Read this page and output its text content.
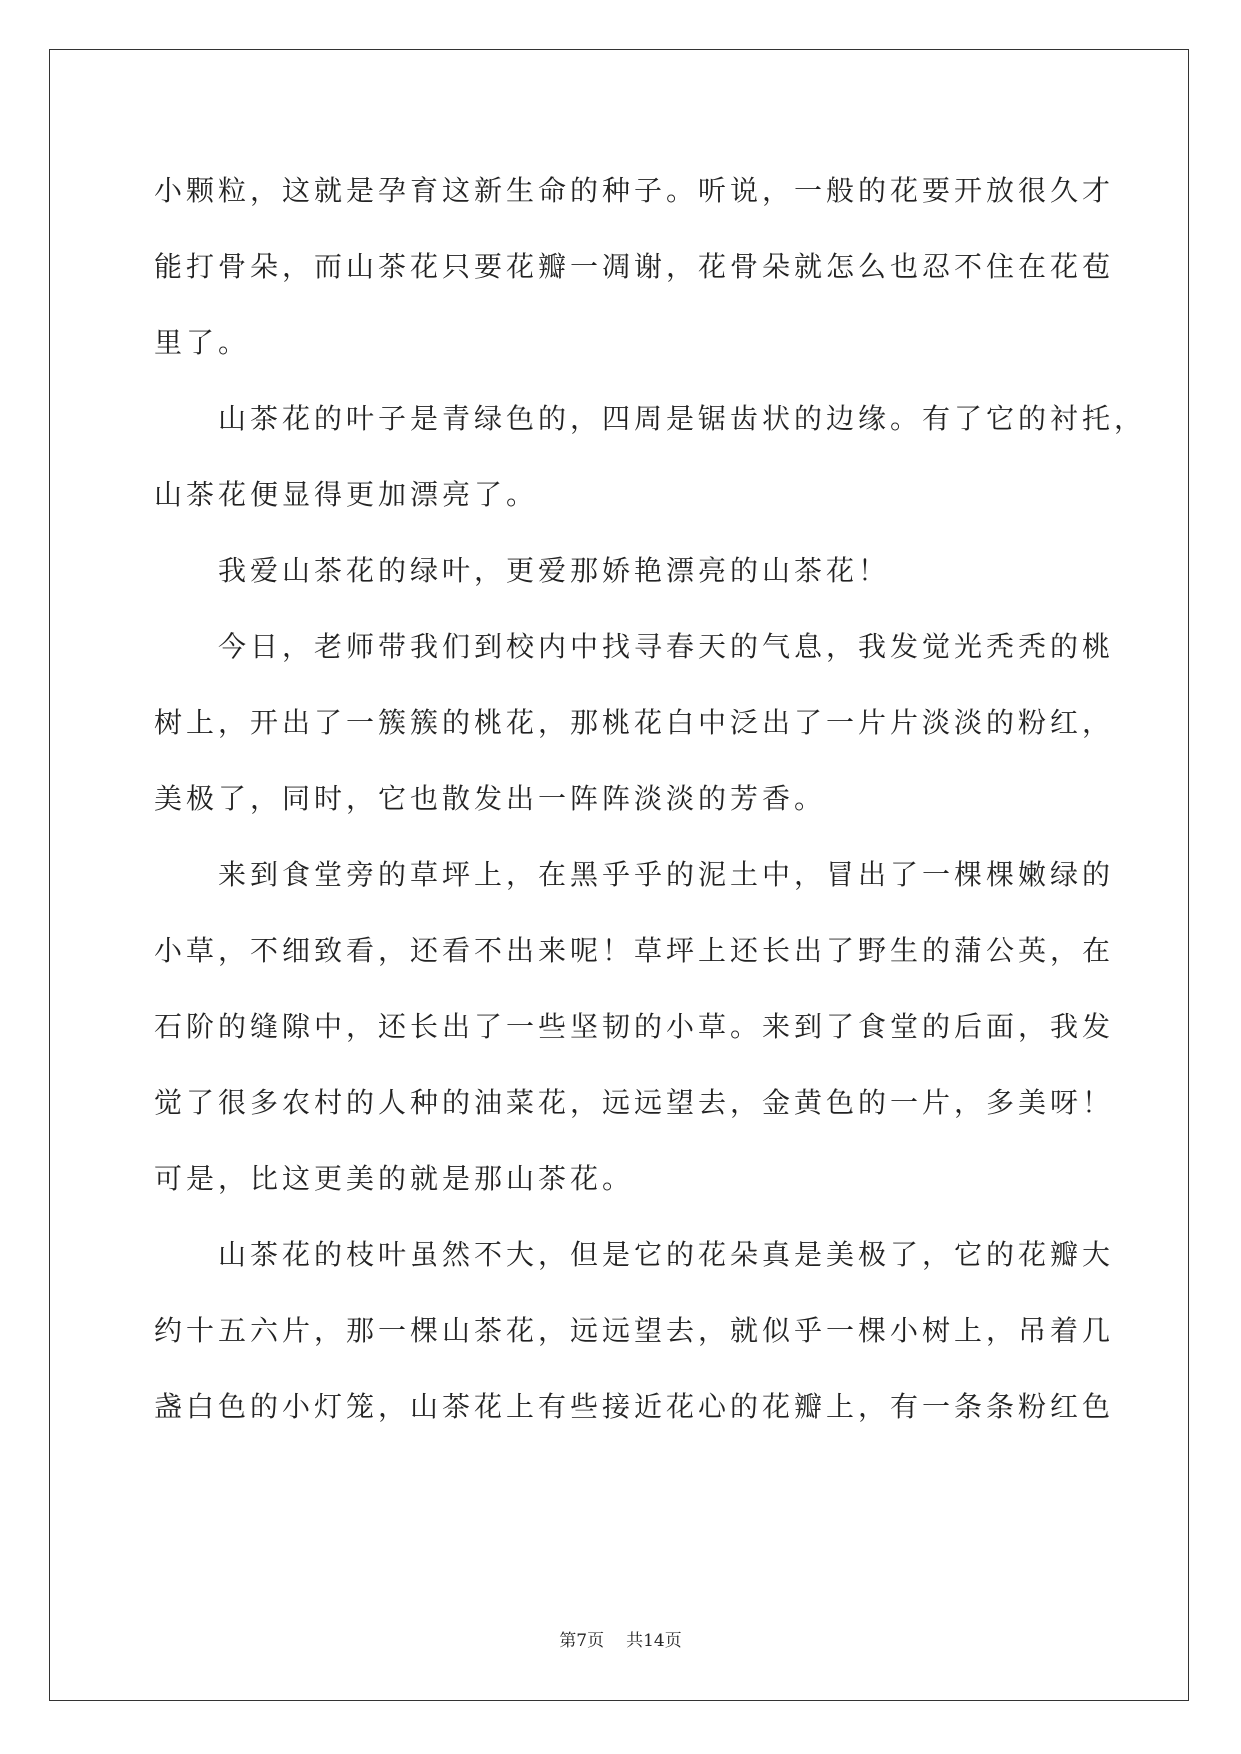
小颗粒，这就是孕育这新生命的种子。听说，一般的花要开放很久才
能打骨朵，而山茶花只要花瓣一凋谢，花骨朵就怎么也忍不住在花苞
里了。
山茶花的叶子是青绿色的，四周是锯齿状的边缘。有了它的衬托，
山茶花便显得更加漂亮了。
我爱山茶花的绿叶，更爱那娇艳漂亮的山茶花！
今日，老师带我们到校内中找寻春天的气息，我发觉光秃秃的桃
树上，开出了一簇簇的桃花，那桃花白中泛出了一片片淡淡的粉红，
美极了，同时，它也散发出一阵阵淡淡的芳香。
来到食堂旁的草坪上，在黑乎乎的泥土中，冒出了一棵棵嫩绿的
小草，不细致看，还看不出来呢！草坪上还长出了野生的蒲公英，在
石阶的缝隙中，还长出了一些坚韧的小草。来到了食堂的后面，我发
觉了很多农村的人种的油菜花，远远望去，金黄色的一片，多美呀！
可是，比这更美的就是那山茶花。
山茶花的枝叶虽然不大，但是它的花朵真是美极了，它的花瓣大
约十五六片，那一棵山茶花，远远望去，就似乎一棵小树上，吊着几
盏白色的小灯笼，山茶花上有些接近花心的花瓣上，有一条条粉红色
第7页 共14页
